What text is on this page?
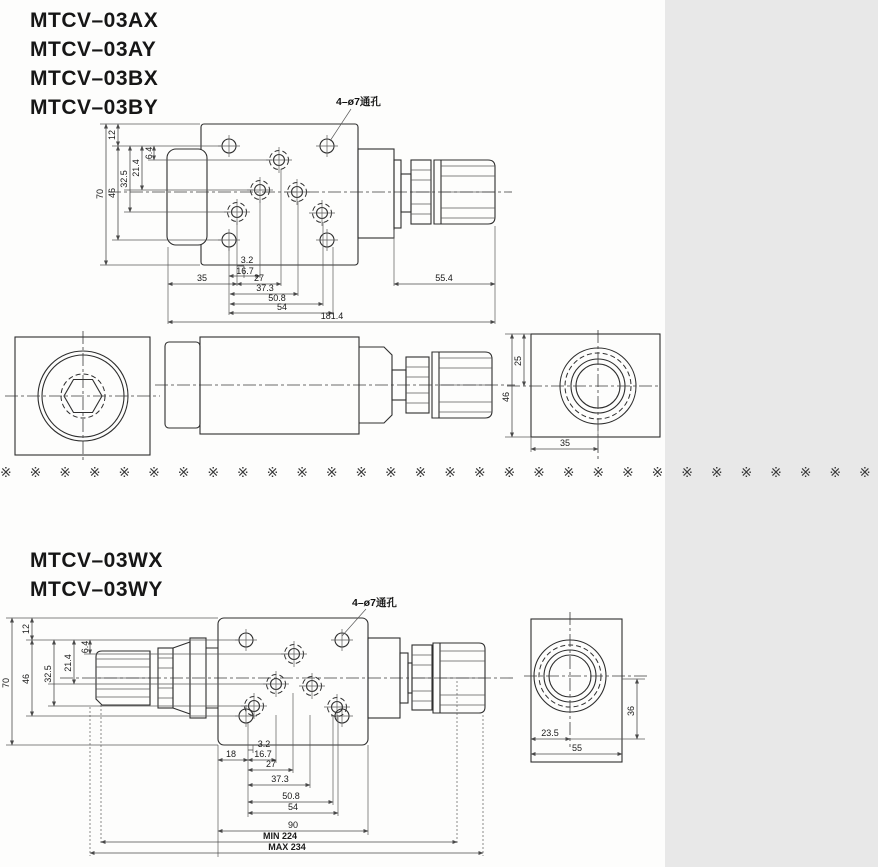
MTCV–03AX
MTCV–03AY
MTCV–03BX
MTCV–03BY	4–ø7通孔
70
12
46
32.5
21.4
6.4
3.2
16.7
35	27	55.4
37.3
50.8
54
181.4
25
46
35
※ ※ ※ ※ ※ ※ ※ ※ ※ ※ ※ ※ ※ ※ ※ ※ ※ ※ ※ ※ ※ ※ ※ ※ ※ ※ ※ ※ ※ ※
MTCV–03WX
MTCV–03WY
4–ø7通孔
70
12
46 32.5
21.4
6.4
3.2
18 16.7
27
37.3
50.8
54
90
MIN 224
MAX 234
23.5
36
55
